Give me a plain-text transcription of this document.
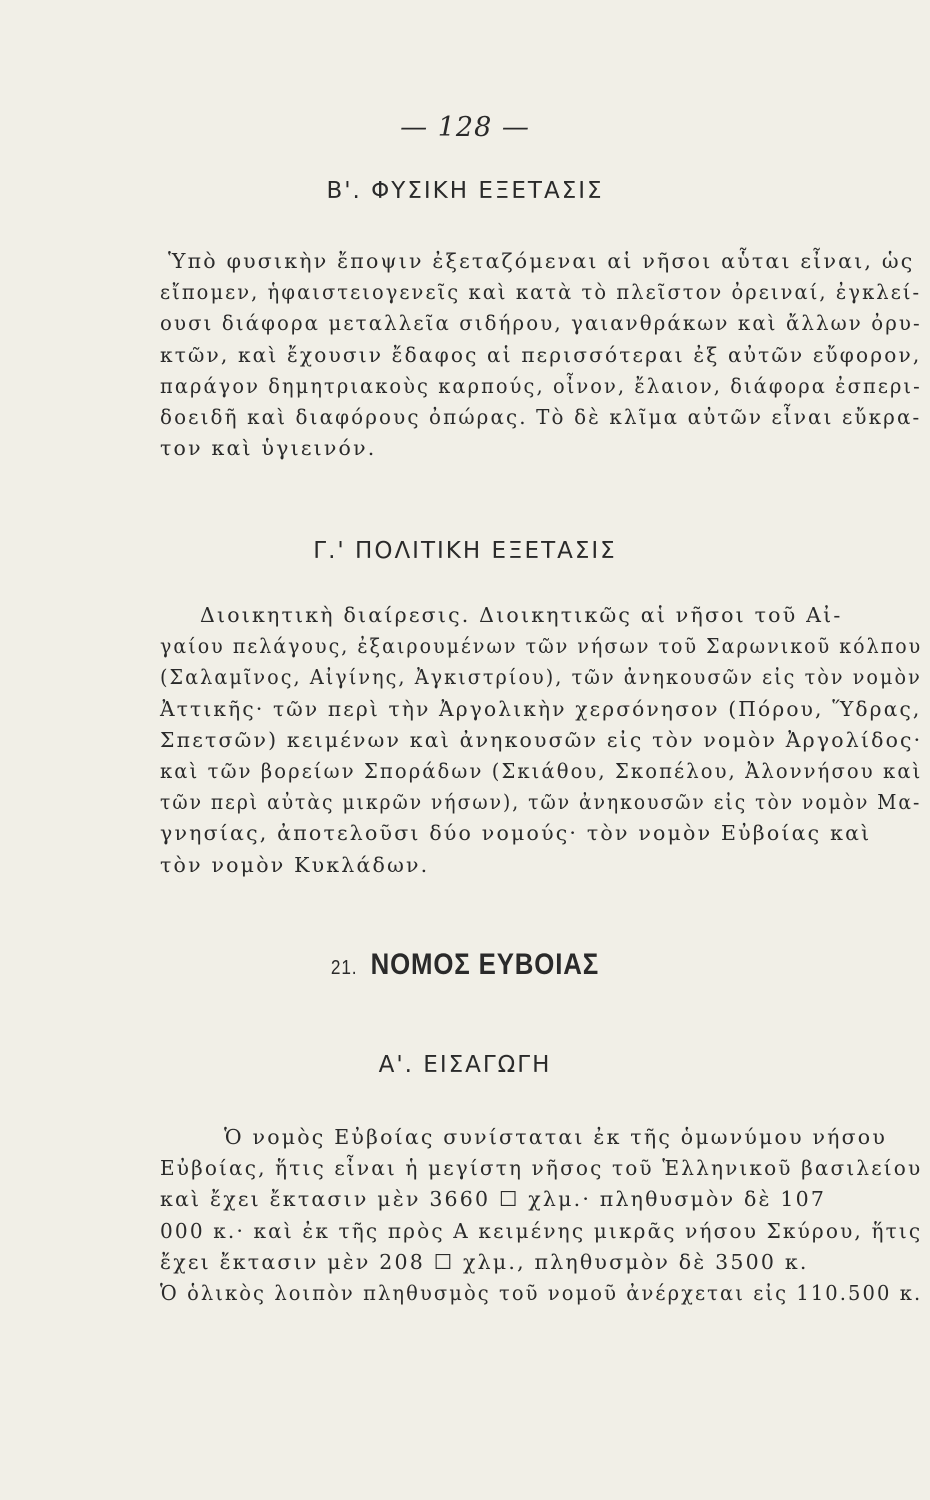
— 128 —
Β'. ΦΥΣΙΚΗ ΕΞΕΤΑΣΙΣ
Ὑπὸ φυσικὴν ἔποψιν ἐξεταζόμεναι αἱ νῆσοι αὗται εἶναι, ὡς
εἴπομεν, ἡφαιστειογενεῖς καὶ κατὰ τὸ πλεῖστον ὀρειναί, ἐγκλεί-
ουσι διάφορα μεταλλεῖα σιδήρου, γαιανθράκων καὶ ἄλλων ὀρυ-
κτῶν, καὶ ἔχουσιν ἔδαφος αἱ περισσότεραι ἐξ αὐτῶν εὔφορον,
παράγον δημητριακοὺς καρπούς, οἶνον, ἔλαιον, διάφορα ἐσπερι-
δοειδῆ καὶ διαφόρους ὀπώρας. Τὸ δὲ κλῖμα αὐτῶν εἶναι εὔκρα-
τον καὶ ὑγιεινόν.
Γ.' ΠΟΛΙΤΙΚΗ ΕΞΕΤΑΣΙΣ
Διοικητικὴ διαίρεσις. Διοικητικῶς αἱ νῆσοι τοῦ Αἰ-
γαίου πελάγους, ἐξαιρουμένων τῶν νήσων τοῦ Σαρωνικοῦ κόλπου
(Σαλαμῖνος, Αἰγίνης, Ἀγκιστρίου), τῶν ἀνηκουσῶν εἰς τὸν νομὸν
Ἀττικῆς· τῶν περὶ τὴν Ἀργολικὴν χερσόνησον (Πόρου, Ὕδρας,
Σπετσῶν) κειμένων καὶ ἀνηκουσῶν εἰς τὸν νομὸν Ἀργολίδος·
καὶ τῶν βορείων Σποράδων (Σκιάθου, Σκοπέλου, Ἀλοννήσου καὶ
τῶν περὶ αὐτὰς μικρῶν νήσων), τῶν ἀνηκουσῶν εἰς τὸν νομὸν Μα-
γνησίας, ἀποτελοῦσι δύο νομούς· τὸν νομὸν Εὐβοίας καὶ
τὸν νομὸν Κυκλάδων.
21. ΝΟΜΟΣ ΕΥΒΟΙΑΣ
Α'. ΕΙΣΑΓΩΓΗ
Ὁ νομὸς Εὐβοίας συνίσταται ἐκ τῆς ὁμωνύμου νήσου
Εὐβοίας, ἥτις εἶναι ἡ μεγίστη νῆσος τοῦ Ἑλληνικοῦ βασιλείου
καὶ ἔχει ἔκτασιν μὲν 3660 ☐ χλμ.· πληθυσμὸν δὲ 107
000 κ.· καὶ ἐκ τῆς πρὸς Α κειμένης μικρᾶς νήσου Σκύρου, ἥτις
ἔχει ἔκτασιν μὲν 208 ☐ χλμ., πληθυσμὸν δὲ 3500 κ.
Ὁ ὁλικὸς λοιπὸν πληθυσμὸς τοῦ νομοῦ ἀνέρχεται εἰς 110.500 κ.
